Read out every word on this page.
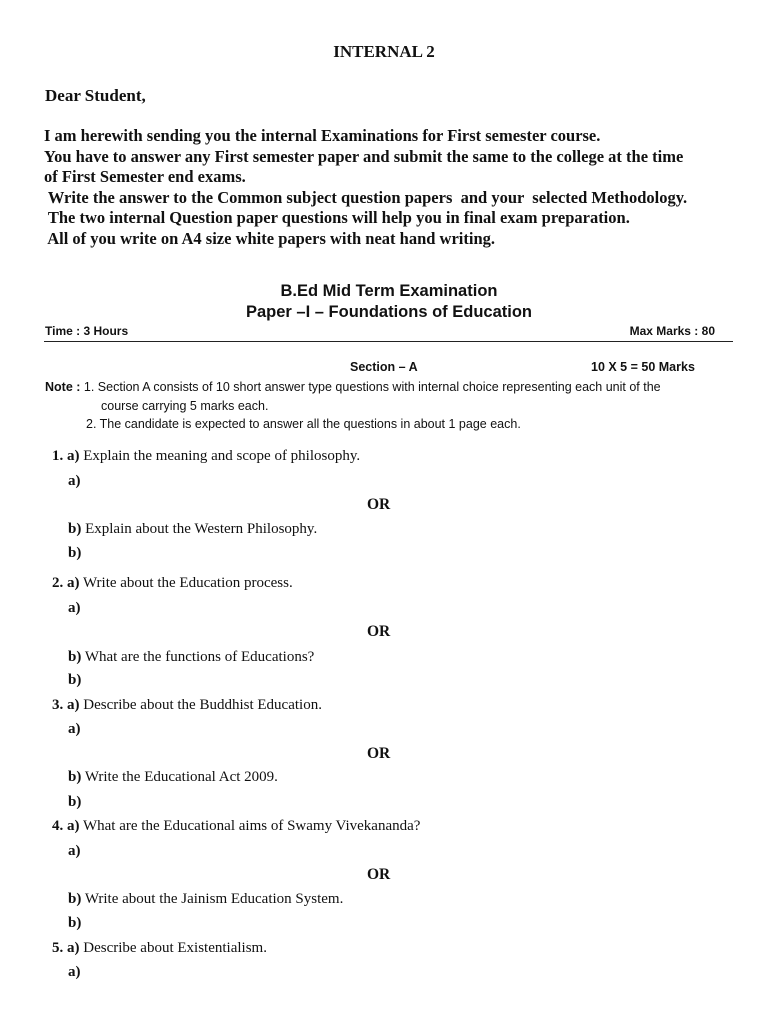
INTERNAL 2
Dear Student,
I am herewith sending you the internal Examinations for First semester course.
You have to answer any First semester paper and submit the same to the college at the time
of First Semester end exams.
Write the answer to the Common subject question papers  and your  selected Methodology.
The two internal Question paper questions will help you in final exam preparation.
All of you write on A4 size white papers with neat hand writing.
B.Ed Mid Term Examination
Paper –I – Foundations of Education
Time : 3 Hours	Max Marks : 80
Section – A	10 X 5 = 50 Marks
Note : 1. Section A consists of 10 short answer type questions with internal choice representing each unit of the
course carrying 5 marks each.
2. The candidate is expected to answer all the questions in about 1 page each.
1. a) Explain the meaning and scope of philosophy.
a)
OR
b) Explain about the Western Philosophy.
b)
2. a) Write about the Education process.
a)
OR
b) What are the functions of Educations?
b)
3. a) Describe about the Buddhist Education.
a)
OR
b) Write the Educational Act 2009.
b)
4. a) What are the Educational aims of Swamy Vivekananda?
a)
OR
b) Write about the Jainism Education System.
b)
5. a) Describe about Existentialism.
a)
